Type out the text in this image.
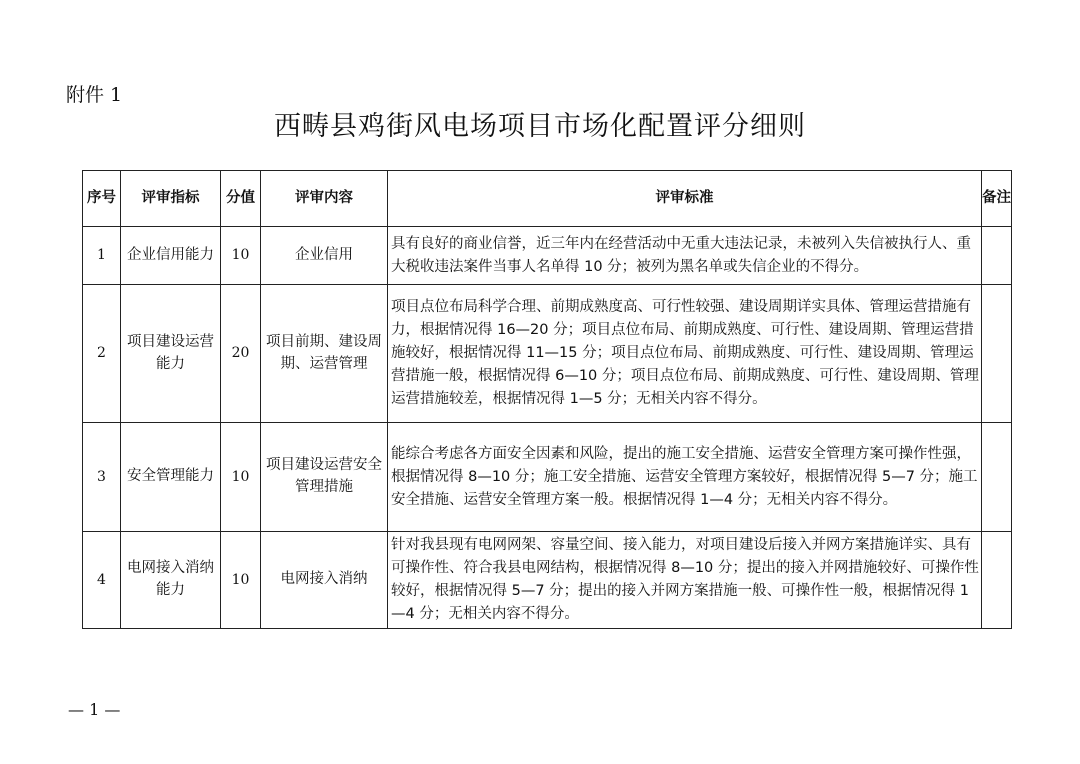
附件 1
西畴县鸡街风电场项目市场化配置评分细则
序号	评审指标	分值	评审内容	评审标准	备注
1	企业信用能力	10	企业信用	具有良好的商业信誉，近三年内在经营活动中无重大违法记录，未被列入失信被执行人、重大税收违法案件当事人名单得 10 分；被列为黑名单或失信企业的不得分。	
2	项目建设运营能力	20	项目前期、建设周期、运营管理	项目点位布局科学合理、前期成熟度高、可行性较强、建设周期详实具体、管理运营措施有力，根据情况得 16—20 分；项目点位布局、前期成熟度、可行性、建设周期、管理运营措施较好，根据情况得 11—15 分；项目点位布局、前期成熟度、可行性、建设周期、管理运营措施一般，根据情况得 6—10 分；项目点位布局、前期成熟度、可行性、建设周期、管理运营措施较差，根据情况得 1—5 分；无相关内容不得分。	
3	安全管理能力	10	项目建设运营安全管理措施	能综合考虑各方面安全因素和风险，提出的施工安全措施、运营安全管理方案可操作性强，根据情况得 8—10 分；施工安全措施、运营安全管理方案较好，根据情况得 5—7 分；施工安全措施、运营安全管理方案一般。根据情况得 1—4 分；无相关内容不得分。	
4	电网接入消纳能力	10	电网接入消纳	针对我县现有电网网架、容量空间、接入能力，对项目建设后接入并网方案措施详实、具有可操作性、符合我县电网结构，根据情况得 8—10 分；提出的接入并网措施较好、可操作性较好，根据情况得 5—7 分；提出的接入并网方案措施一般、可操作性一般，根据情况得 1—4 分；无相关内容不得分。	
— 1 —
